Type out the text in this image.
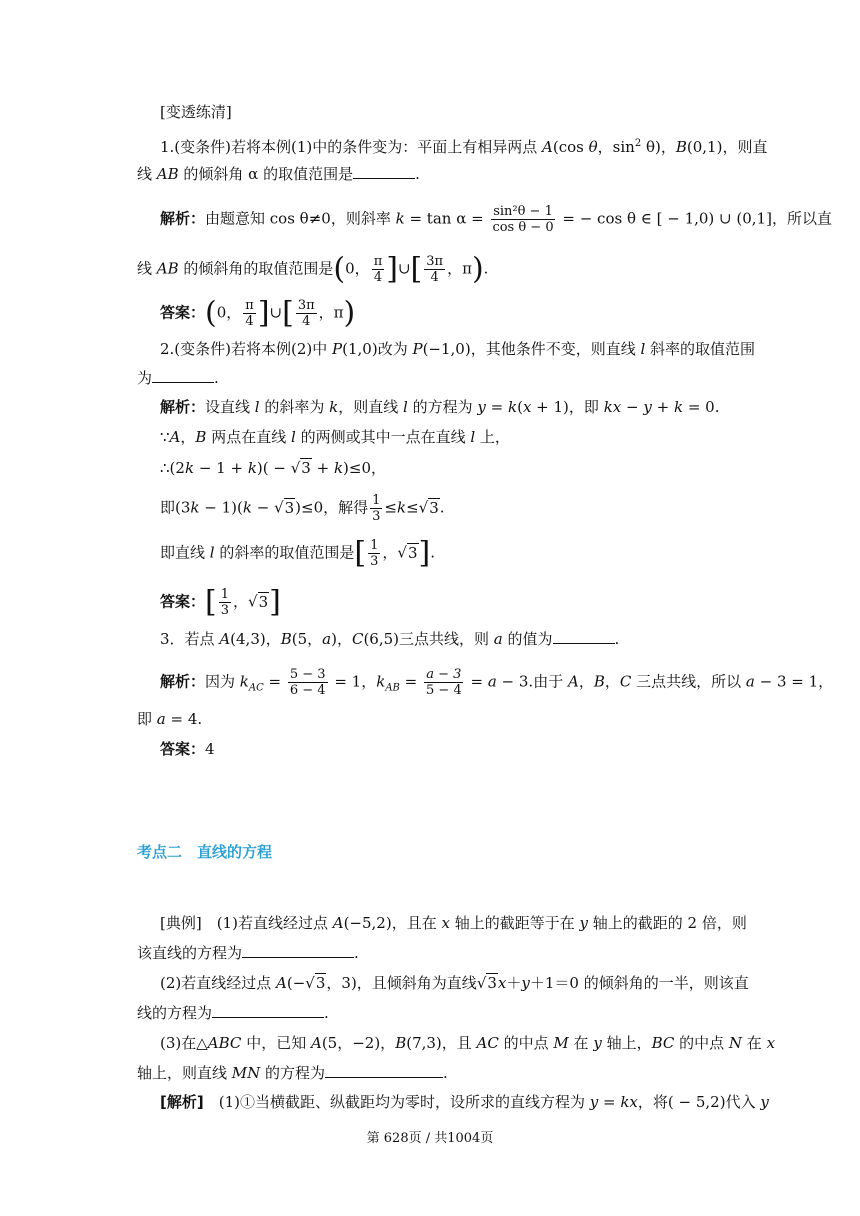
[变透练清]
1.(变条件)若将本例(1)中的条件变为：平面上有相异两点 A(cos θ，$\sin^2 \theta$)，B(0,1)，则直
线 AB 的倾斜角 α 的取值范围是	.
解析：由题意知 cos θ≠0，则斜率 $k = \tan \alpha = \frac{\text{sin²θ − 1}}{\text{cos θ − 0}}$ = − cos θ ∈ [ − 1,0) ∪ (0,1]，所以直
线 AB 的倾斜角的取值范围是(0， $\frac{\pi}{4}$ ]∪[ $\frac{3\pi}{4}$ ，π).
答案：(0， $\frac{\pi}{4}$ ]∪[ $\frac{3\pi}{4}$ ，π)
2.(变条件)若将本例(2)中 P(1,0)改为 P(−1,0)，其他条件不变，则直线 l 斜率的取值范围
为	.
解析：设直线 l 的斜率为 k，则直线 l 的方程为 y = k(x + 1)，即 kx − y + k = 0.
∵A，B 两点在直线 l 的两侧或其中一点在直线 l 上，
∴(2k − 1 + k)( − √3 + k)≤0，
即(3k − 1)(k − √3)≤0，解得 $\frac{1}{3} \le k\le√3$.
即直线 l 的斜率的取值范围是[ $\frac{1}{3}$ ，√3].
答案：[ $\frac{1}{3}$ ，√3]
3．若点 A(4,3)，B(5，a)，C(6,5)三点共线，则 a 的值为	.
解析：因为 $k_{AC} = \frac{5 - 3}{6 - 4} = 1$，$k_{AB} = \frac{a - 3}{5 - 4} = a - 3$.由于 A，B，C 三点共线，所以 a − 3 = 1，
即 a = 4.
答案：4
考点二　直线的方程
[典例]　(1)若直线经过点 A(−5,2)，且在 x 轴上的截距等于在 y 轴上的截距的 2 倍，则
该直线的方程为	.
(2)若直线经过点 A(−√3，3)，且倾斜角为直线√3x＋y＋1＝0 的倾斜角的一半，则该直
线的方程为	.
(3)在△ABC 中，已知 A(5，−2)，B(7,3)，且 AC 的中点 M 在 y 轴上，BC 的中点 N 在 x
轴上，则直线 MN 的方程为	.
[解析]　(1)①当横截距、纵截距均为零时，设所求的直线方程为 y = kx，将( − 5,2)代入 y
第 628页 / 共1004页
